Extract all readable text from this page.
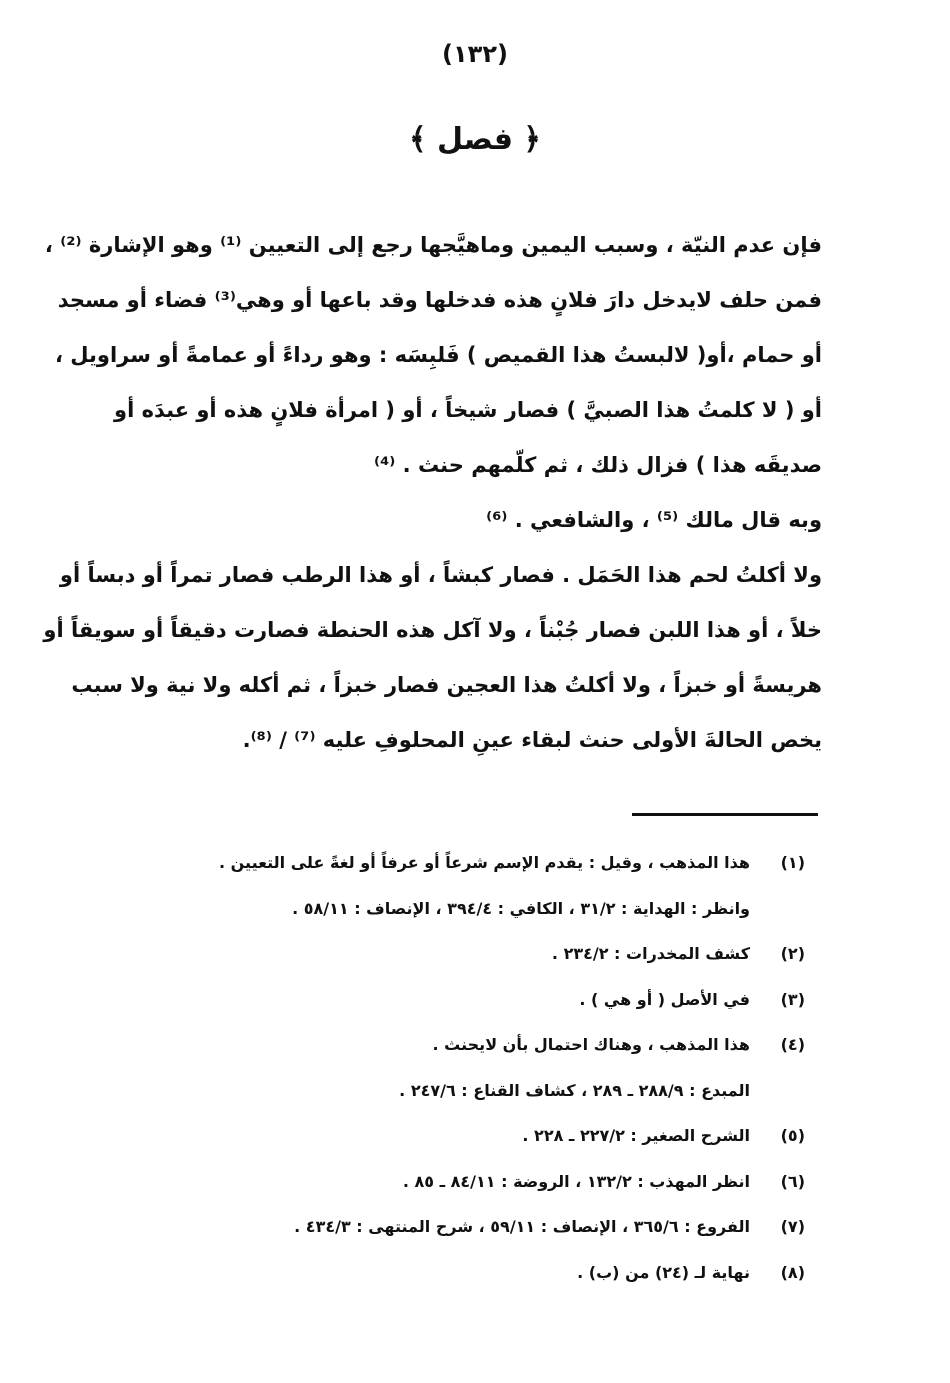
(١٣٢)
﴿ فصل ﴾
فإن عدم النيّة ، وسبب اليمين وماهيَّجها رجع إلى التعيين ⁽¹⁾ وهو الإشارة ⁽²⁾ ،
فمن حلف لايدخل دارَ فلانٍ هذه فدخلها وقد باعها أو وهي⁽³⁾ فضاء أو مسجد
أو حمام ،أو( لالبستُ هذا القميص ) فَلبِسَه : وهو رداءً أو عمامةً أو سراويل ،
أو ( لا كلمتُ هذا الصبيَّ ) فصار شيخاً ، أو ( امرأة فلانٍ هذه أو عبدَه أو
صديقَه هذا ) فزال ذلك ، ثم كلّمهم حنث . ⁽⁴⁾
وبه قال مالك ⁽⁵⁾ ، والشافعي . ⁽⁶⁾
ولا أكلتُ لحم هذا الحَمَل . فصار كبشاً ، أو هذا الرطب فصار تمراً أو دبساً أو
خلاً ، أو هذا اللبن فصار جُبْناً ، ولا آكل هذه الحنطة فصارت دقيقاً أو سويقاً أو
هريسةً أو خبزاً ، ولا أكلتُ هذا العجين فصار خبزاً ، ثم أكله ولا نية ولا سبب
يخص الحالةَ الأولى حنث لبقاء عينِ المحلوفِ عليه ⁽⁷⁾ / ⁽⁸⁾.
(١)
هذا المذهب ، وقيل : يقدم الإسم شرعاً أو عرفاً أو لغةً على التعيين .
وانظر : الهداية : ٣١/٢ ، الكافي : ٣٩٤/٤ ، الإنصاف : ٥٨/١١ .
(٢)
كشف المخدرات : ٢٣٤/٢ .
(٣)
في الأصل ( أو هي ) .
(٤)
هذا المذهب ، وهناك احتمال بأن لايحنث .
المبدع : ٢٨٨/٩ ـ ٢٨٩ ، كشاف القناع : ٢٤٧/٦ .
(٥)
الشرح الصغير : ٢٢٧/٢ ـ ٢٢٨ .
(٦)
انظر المهذب : ١٣٢/٢ ، الروضة : ٨٤/١١ ـ ٨٥ .
(٧)
الفروع : ٣٦٥/٦ ، الإنصاف : ٥٩/١١ ، شرح المنتهى : ٤٣٤/٣ .
(٨)
نهاية لـ (٢٤) من (ب) .
